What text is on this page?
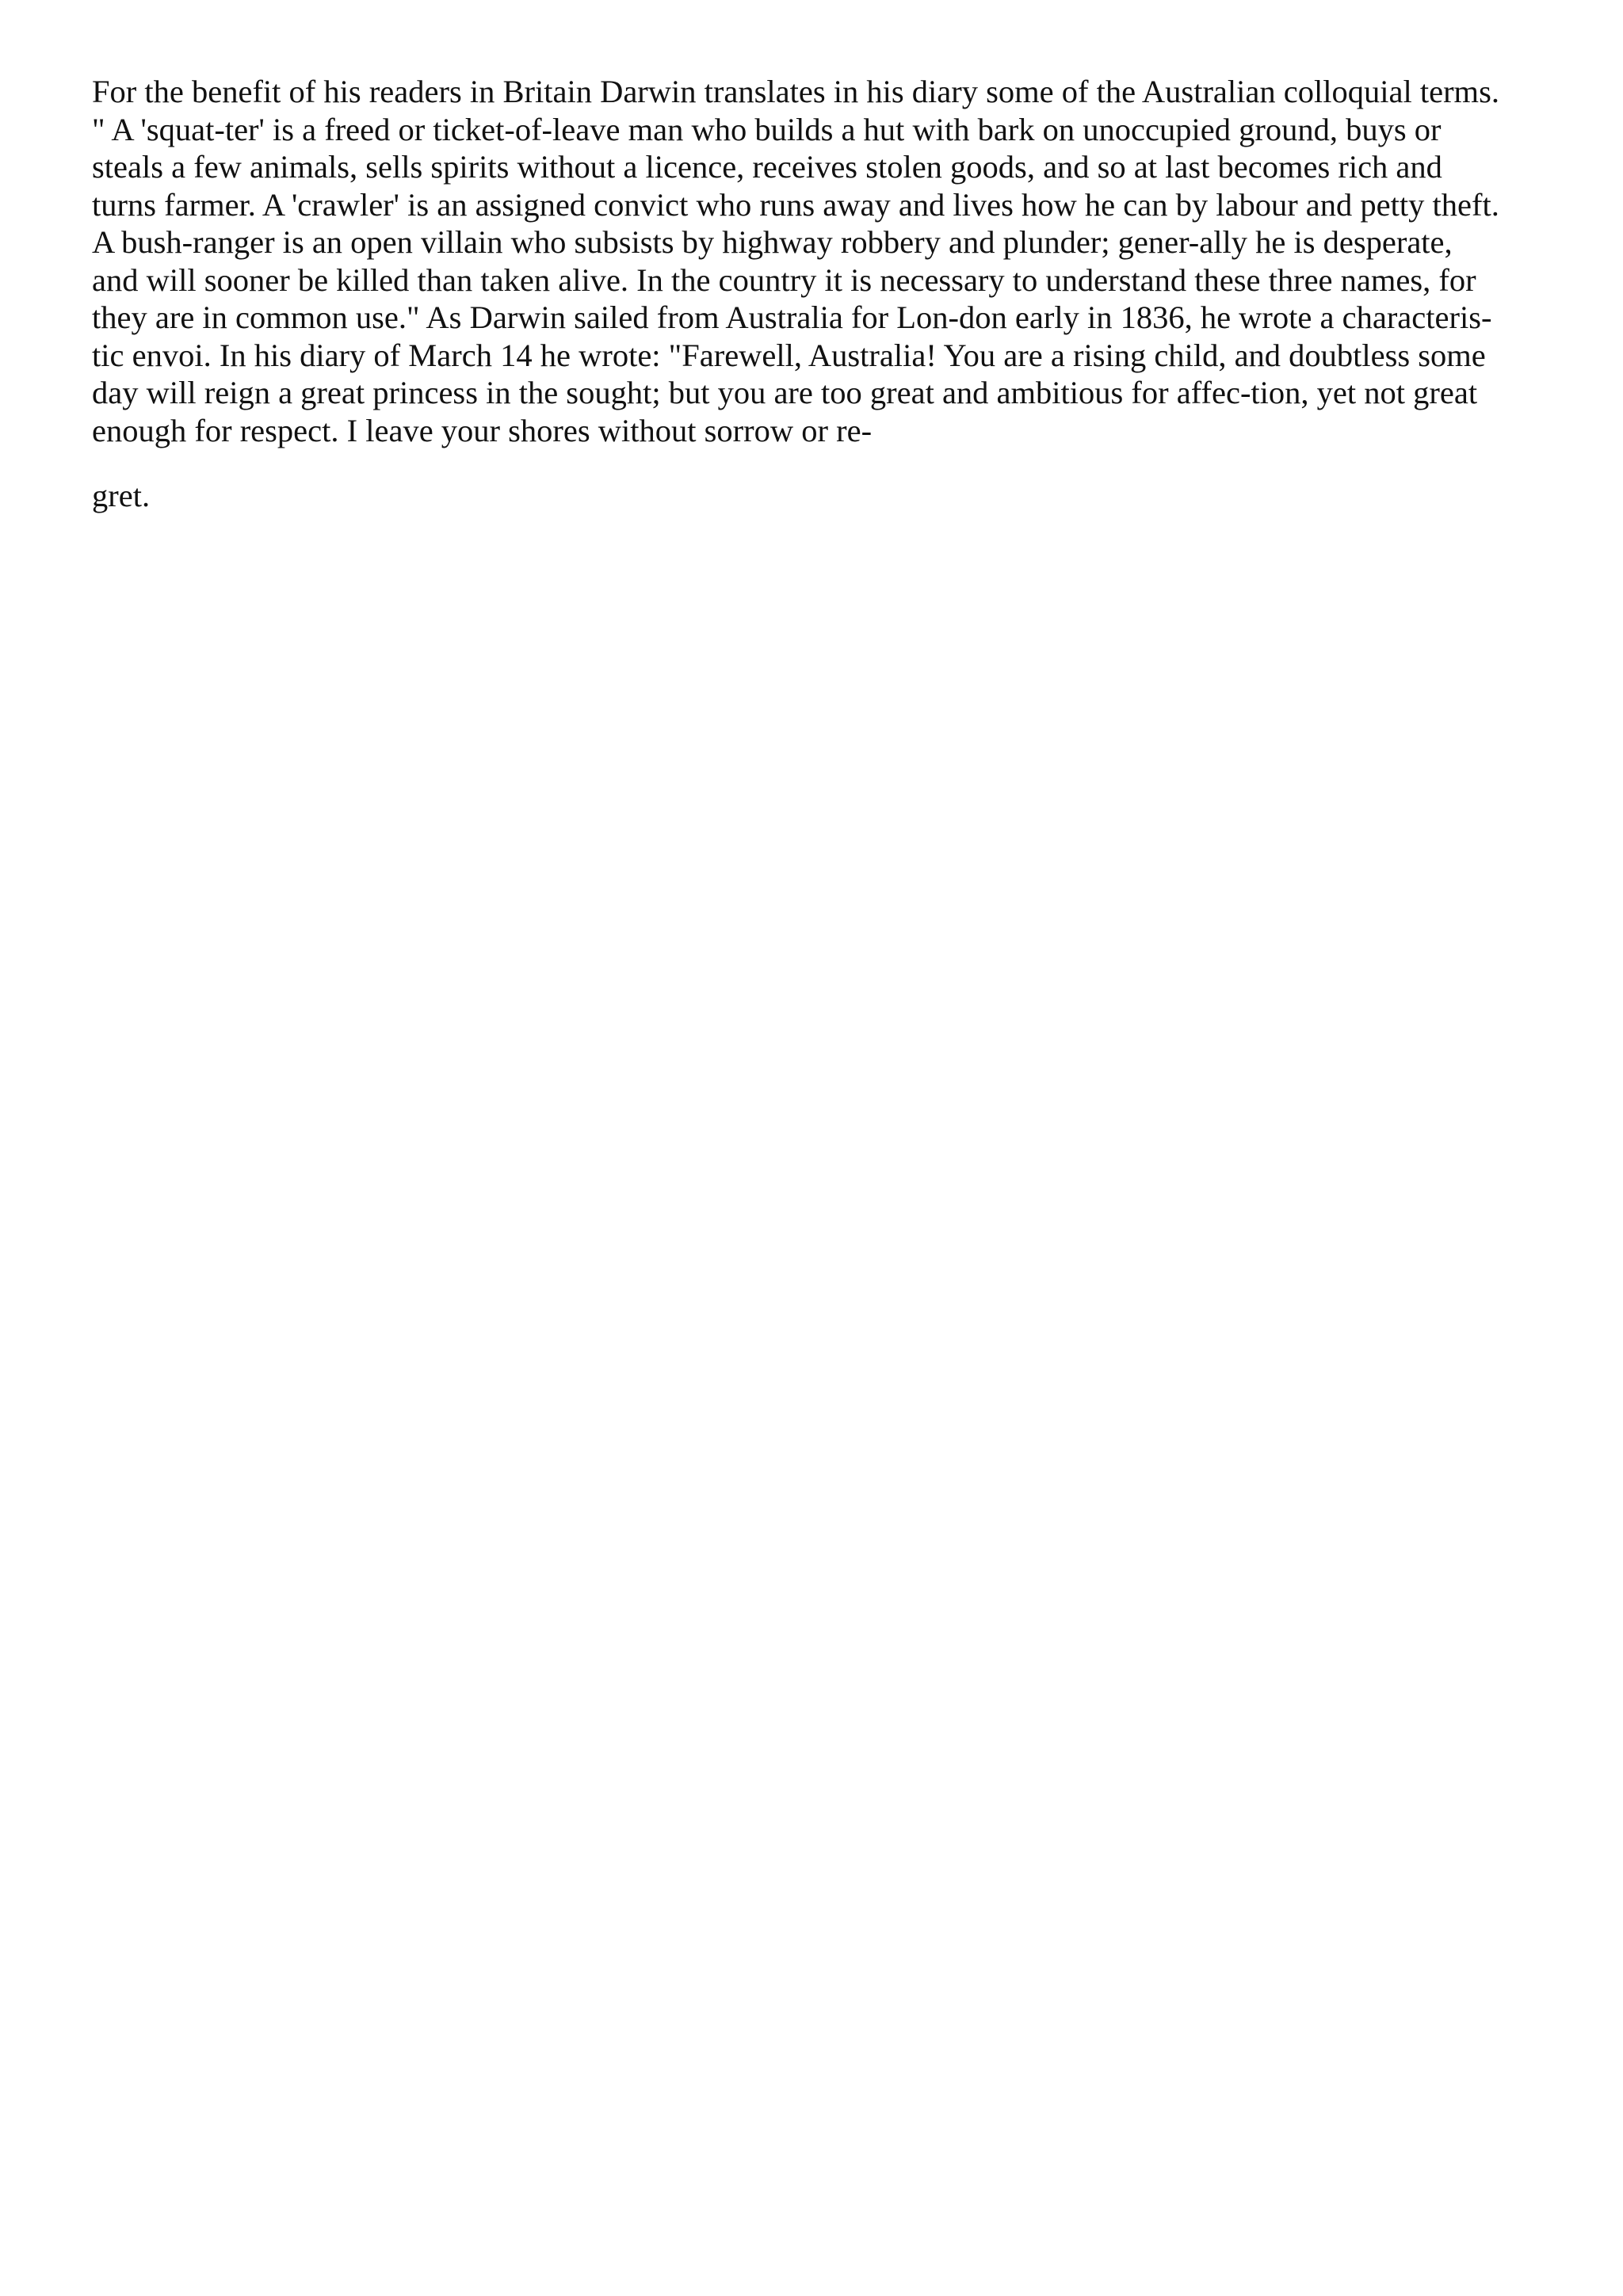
For the benefit of his readers in Britain Darwin translates in his diary some of the Australian colloquial terms.
" A 'squat-ter' is a freed or ticket-of-leave man who builds a hut with bark on unoccupied ground, buys or
steals a few animals, sells spirits without a licence, receives stolen goods, and so at last becomes rich and
turns farmer. A 'crawler' is an assigned convict who runs away and lives how he can by labour and petty theft.
A bush-ranger is an open villain who subsists by highway robbery and plunder; gener-ally he is desperate,
and will sooner be killed than taken alive. In the country it is necessary to understand these three names, for
they are in common use." As Darwin sailed from Australia for Lon-don early in 1836, he wrote a characteris-
tic envoi. In his diary of March 14 he wrote: "Farewell, Australia! You are a rising child, and doubtless some
day will reign a great princess in the sought; but you are too great and ambitious for affec-tion, yet not great
enough for respect. I leave your shores without sorrow or re-
gret.
